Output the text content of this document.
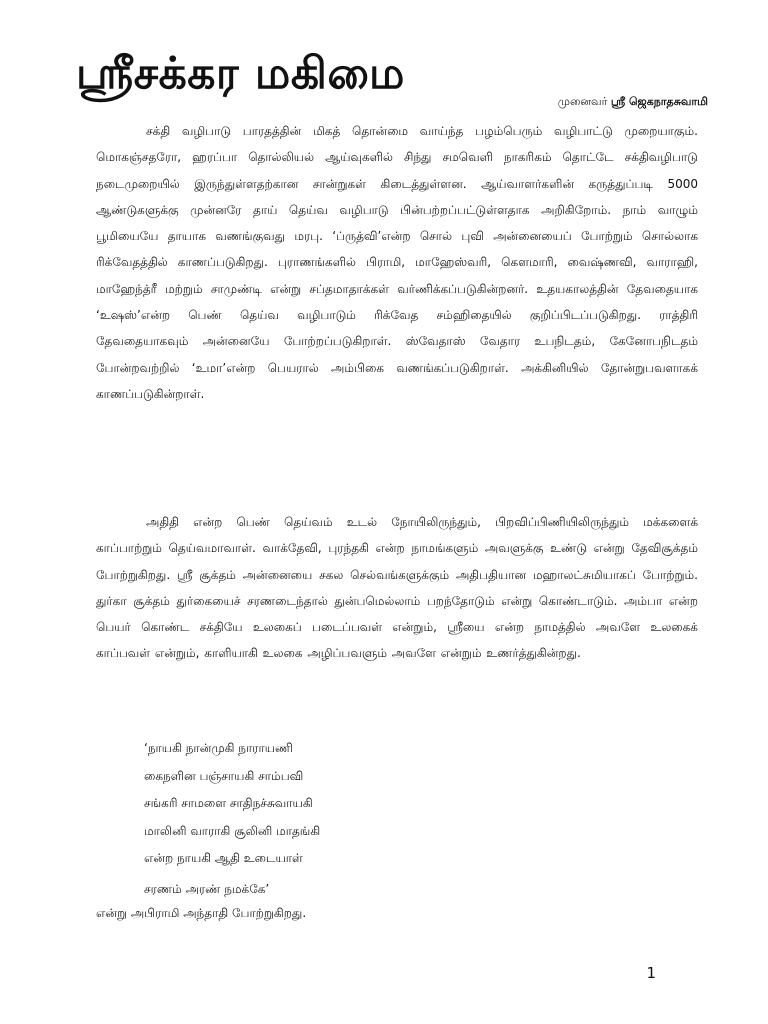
ஸ்ரீசக்கர மகிமை
முனைவர் ஸ்ரீ ஜெகநாதசுவாமி

சக்தி வழிபாடு பாரதத்தின் மிகத் தொன்மை வாய்ந்த பழம்பெரும் வழிபாட்டு முறையாகும். மொகஞ்சதரோ, ஹரப்பா தொல்லியல் ஆய்வுகளில் சிந்து சமவெளி நாகரிகம் தொட்டே சக்திவழிபாடு நடைமுறையில் இருந்துள்ளதற்கான சான்றுகள் கிடைத்துள்ளன. ஆய்வாளர்களின் கருத்துப்படி 5000 ஆண்டுகளுக்கு முன்னரே தாய் தெய்வ வழிபாடு பின்பற்றப்பட்டுள்ளதாக அறிகிறோம். நாம் வாழும் பூமியையே தாயாக வணங்குவது மரபு. ‘ப்ருத்வி’என்ற சொல் புவி அன்னையைப் போற்றும் சொல்லாக ரிக்வேதத்தில் காணப்படுகிறது. புராணங்களில் பிராமி, மாஹேஸ்வரி, கௌமாரி, வைஷ்ணவி, வாராஹி, மாஹேந்த்ரீ மற்றும் சாமுண்டி என்று சப்தமாதாக்கள் வர்ணிக்கப்படுகின்றனர். உதயகாலத்தின் தேவதையாக ‘உஷஸ்’என்ற பெண் தெய்வ வழிபாடும் ரிக்வேத சம்ஹிதையில் குறிப்பிடப்படுகிறது. ராத்திரி தேவதையாகவும் அன்னையே போற்றப்படுகிறாள். ஸ்வேதாஸ் வேதார உபநிடதம், கேனோபநிடதம் போன்றவற்றில் ‘உமா’என்ற பெயரால் அம்பிகை வணங்கப்படுகிறாள். அக்கினியில் தோன்றுபவளாகக் காணப்படுகின்றாள்.

அதிதி என்ற பெண் தெய்வம் உடல் நோயிலிருந்தும், பிறவிப்பிணியிலிருந்தும் மக்களைக் காப்பாற்றும் தெய்வமாவாள். வாக்தேவி, புரந்தகி என்ற நாமங்களும் அவளுக்கு உண்டு என்று தேவிசூக்தம் போற்றுகிறது. ஸ்ரீ சூக்தம் அன்னையை சகல செல்வங்களுக்கும் அதிபதியான மஹாலட்சுமியாகப் போற்றும். துர்கா சூக்தம் துர்கையைச் சரணடைந்தால் துன்பமெல்லாம் பறந்தோடும் என்று கொண்டாடும். அம்பா என்ற பெயர் கொண்ட சக்தியே உலகைப் படைப்பவள் என்றும், ஸ்ரீயை என்ற நாமத்தில் அவளே உலகைக் காப்பவள் என்றும், காளியாகி உலகை அழிப்பவளும் அவளே என்றும் உணர்த்துகின்றது.

‘நாயகி நான்முகி நாராயணி
கைநளின பஞ்சாயகி சாம்பவி
சங்கரி சாமளை சாதிநச்சுவாயகி
மாலினி வாராகி சூலினி மாதங்கி
என்ற நாயகி ஆதி உடையாள்
சரணம் அரண் நமக்கே’

என்று அபிராமி அந்தாதி போற்றுகிறது.

1
